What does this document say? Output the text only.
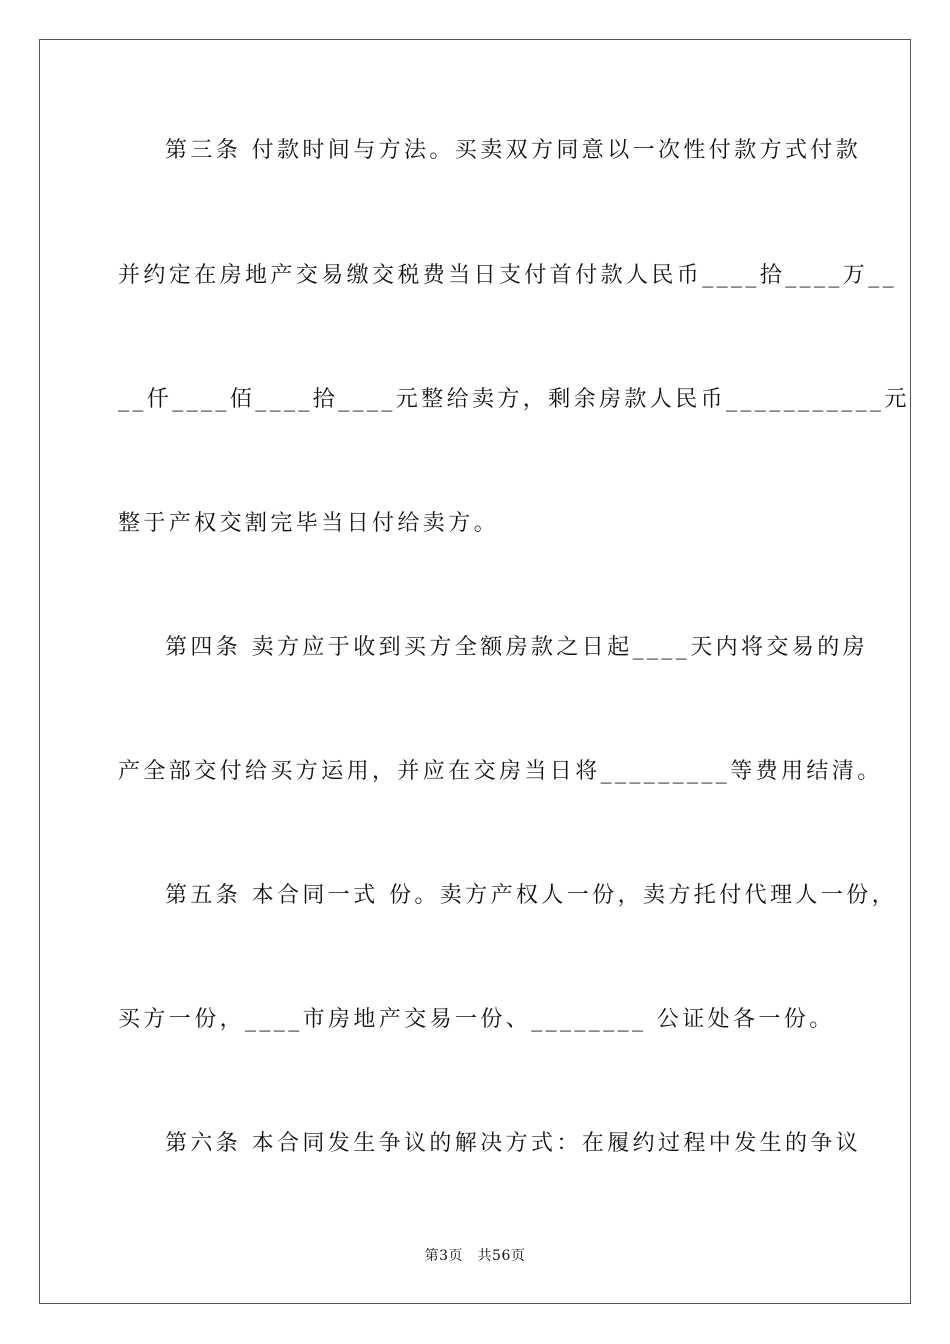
第三条 付款时间与方法。买卖双方同意以一次性付款方式付款
并约定在房地产交易缴交税费当日支付首付款人民币____拾____万__
__仟____佰____拾____元整给卖方，剩余房款人民币___________元
整于产权交割完毕当日付给卖方。
第四条 卖方应于收到买方全额房款之日起____天内将交易的房
产全部交付给买方运用，并应在交房当日将_________等费用结清。
第五条 本合同一式 份。卖方产权人一份，卖方托付代理人一份，
买方一份，____市房地产交易一份、________ 公证处各一份。
第六条 本合同发生争议的解决方式：在履约过程中发生的争议
第3页　共56页
